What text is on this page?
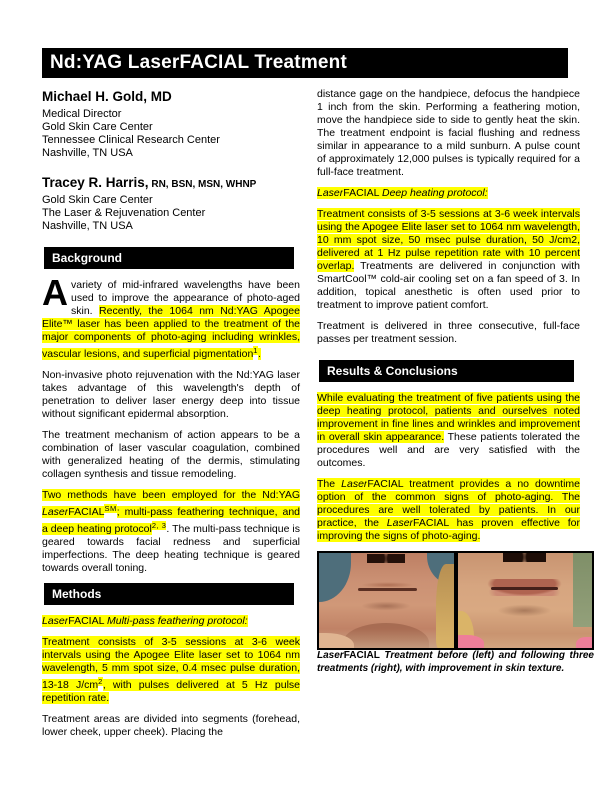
Nd:YAG LaserFACIAL Treatment
Michael H. Gold, MD
Medical Director
Gold Skin Care Center
Tennessee Clinical Research Center
Nashville, TN USA
Tracey R. Harris, RN, BSN, MSN, WHNP
Gold Skin Care Center
The Laser & Rejuvenation Center
Nashville, TN USA
Background

Avariety of mid-infrared wavelengths have been used to improve the appearance of photo-aged skin. Recently, the 1064 nm Nd:YAG Apogee Elite™ laser has been applied to the treatment of the major components of photo-aging including wrinkles, vascular lesions, and superficial pigmentation$^1$.

Non-invasive photo rejuvenation with the Nd:YAG laser takes advantage of this wavelength's depth of penetration to deliver laser energy deep into tissue without significant epidermal absorption.

The treatment mechanism of action appears to be a combination of laser vascular coagulation, combined with generalized heating of the dermis, stimulating collagen synthesis and tissue remodeling.

Two methods have been employed for the Nd:YAG LaserFACIAL℠; multi-pass feathering technique, and a deep heating protocol$^{2, 3}$. The multi-pass technique is geared towards facial redness and superficial imperfections. The deep heating technique is geared towards overall toning.

Methods

LaserFACIAL Multi-pass feathering protocol:

Treatment consists of 3-5 sessions at 3-6 week intervals using the Apogee Elite laser set to 1064 nm wavelength, 5 mm spot size, 0.4 msec pulse duration, 13-18 $J/cm^2$, with pulses delivered at 5 Hz pulse repetition rate.

Treatment areas are divided into segments (forehead, lower cheek, upper cheek). Placing the

distance gage on the handpiece, defocus the handpiece 1 inch from the skin. Performing a feathering motion, move the handpiece side to side to gently heat the skin. The treatment endpoint is facial flushing and redness similar in appearance to a mild sunburn. A pulse count of approximately 12,000 pulses is typically required for a full-face treatment.

LaserFACIAL Deep heating protocol:

Treatment consists of 3-5 sessions at 3-6 week intervals using the Apogee Elite laser set to 1064 nm wavelength, 10 mm spot size, 50 msec pulse duration, 50 J/cm2, delivered at 1 Hz pulse repetition rate with 10 percent overlap. Treatments are delivered in conjunction with SmartCool™ cold-air cooling set on a fan speed of 3. In addition, topical anesthetic is often used prior to treatment to improve patient comfort.

Treatment is delivered in three consecutive, full-face passes per treatment session.

Results & Conclusions

While evaluating the treatment of five patients using the deep heating protocol, patients and ourselves noted improvement in fine lines and wrinkles and improvement in overall skin appearance. These patients tolerated the procedures well and are very satisfied with the outcomes.

The LaserFACIAL treatment provides a no downtime option of the common signs of photo-aging. The procedures are well tolerated by patients. In our practice, the LaserFACIAL has proven effective for improving the signs of photo-aging.

LaserFACIAL Treatment before (left) and following three treatments (right), with improvement in skin texture.
